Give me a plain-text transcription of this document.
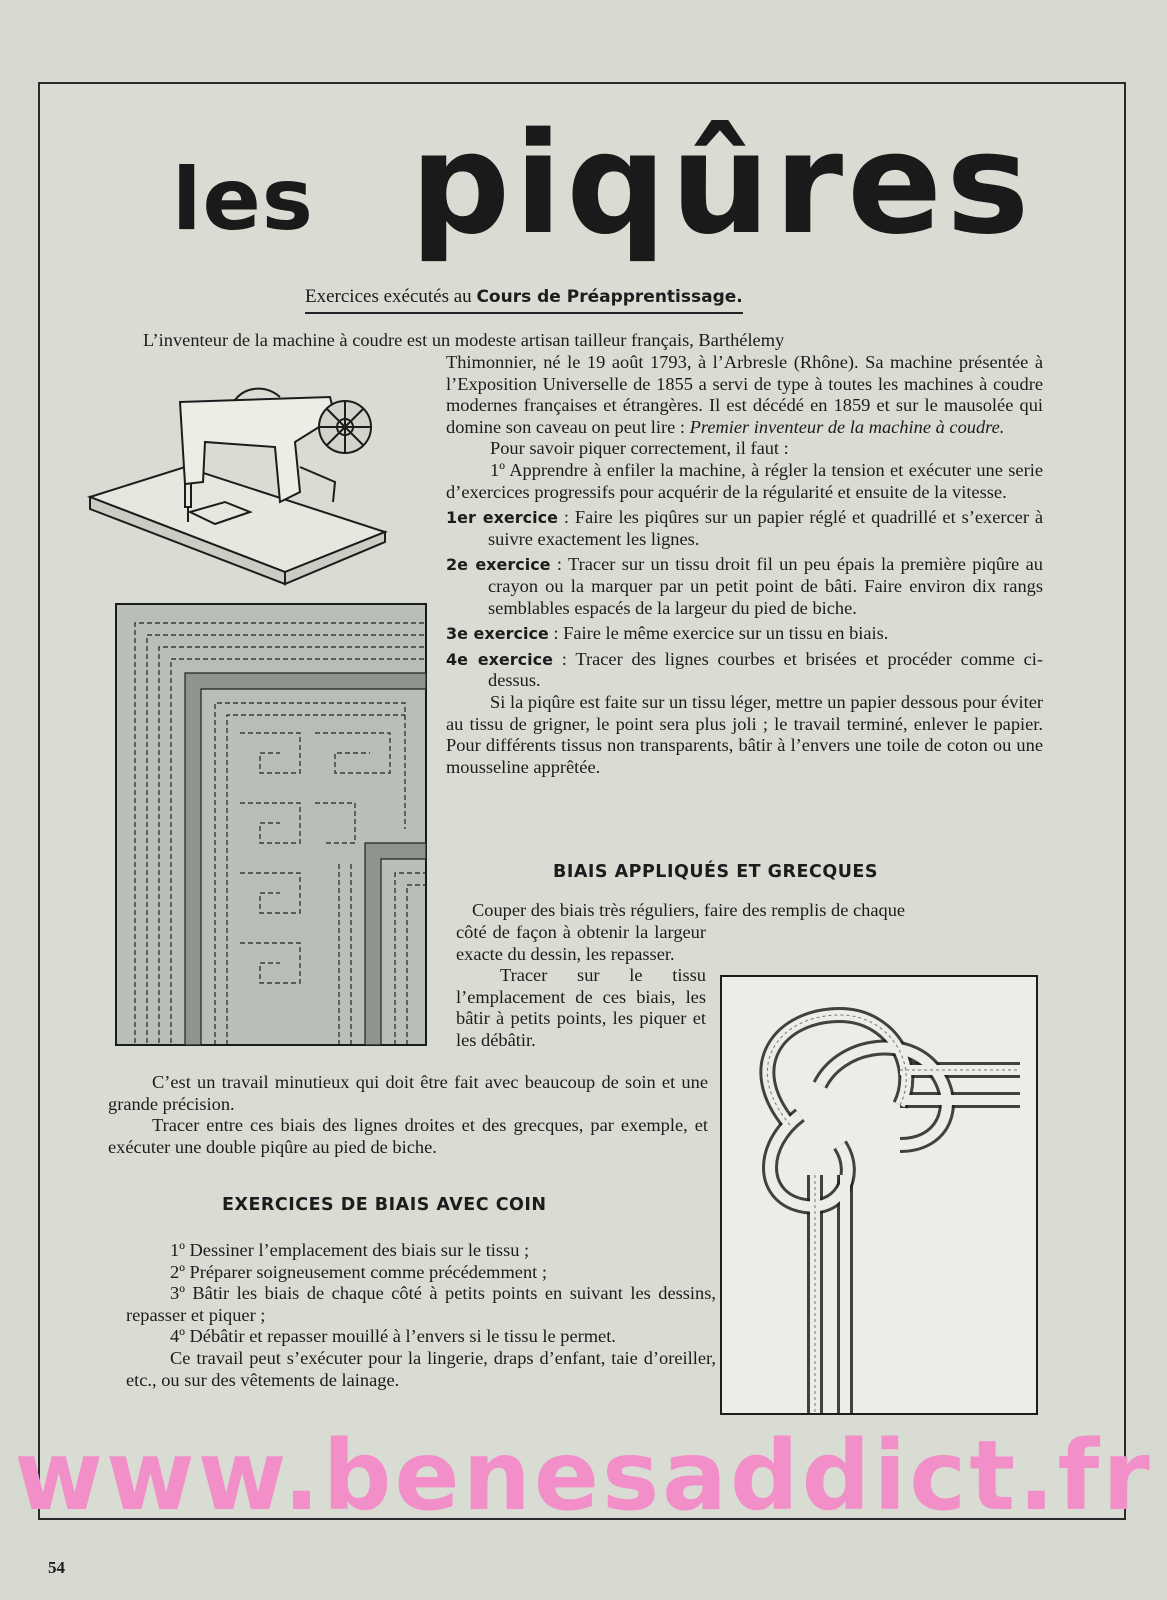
les piqûres
Exercices exécutés au Cours de Préapprentissage.
L’inventeur de la machine à coudre est un modeste artisan tailleur français, Barthélemy

Thimonnier, né le 19 août 1793, à l’Arbresle (Rhône). Sa machine présentée à l’Exposition Universelle de 1855 a servi de type à toutes les machines à coudre modernes françaises et étrangères. Il est décédé en 1859 et sur le mausolée qui domine son caveau on peut lire : Premier inventeur de la machine à coudre.

Pour savoir piquer correctement, il faut :

1º Apprendre à enfiler la machine, à régler la tension et exécuter une serie d’exercices progressifs pour acquérir de la régularité et ensuite de la vitesse.

1er exercice : Faire les piqûres sur un papier réglé et quadrillé et s’exercer à suivre exactement les lignes.

2e exercice : Tracer sur un tissu droit fil un peu épais la première piqûre au crayon ou la marquer par un petit point de bâti. Faire environ dix rangs semblables espacés de la largeur du pied de biche.

3e exercice : Faire le même exercice sur un tissu en biais.

4e exercice : Tracer des lignes courbes et brisées et procéder comme ci-dessus.

Si la piqûre est faite sur un tissu léger, mettre un papier dessous pour éviter au tissu de grigner, le point sera plus joli ; le travail terminé, enlever le papier. Pour différents tissus non transparents, bâtir à l’envers une toile de coton ou une mousseline apprêtée.

BIAIS APPLIQUÉS ET GRECQUES
Couper des biais très réguliers, faire des remplis de chaque

côté de façon à obtenir la largeur exacte du dessin, les repasser.

Tracer sur le tissu l’emplacement de ces biais, les bâtir à petits points, les piquer et les débâtir.

C’est un travail minutieux qui doit être fait avec beaucoup de soin et une grande précision.

Tracer entre ces biais des lignes droites et des grecques, par exemple, et exécuter une double piqûre au pied de biche.

EXERCICES DE BIAIS AVEC COIN

1º Dessiner l’emplacement des biais sur le tissu ;

2º Préparer soigneusement comme précédemment ;

3º Bâtir les biais de chaque côté à petits points en suivant les dessins, repasser et piquer ;

4º Débâtir et repasser mouillé à l’envers si le tissu le permet.

Ce travail peut s’exécuter pour la lingerie, draps d’enfant, taie d’oreiller, etc., ou sur des vêtements de lainage.

www.benesaddict.fr
54
